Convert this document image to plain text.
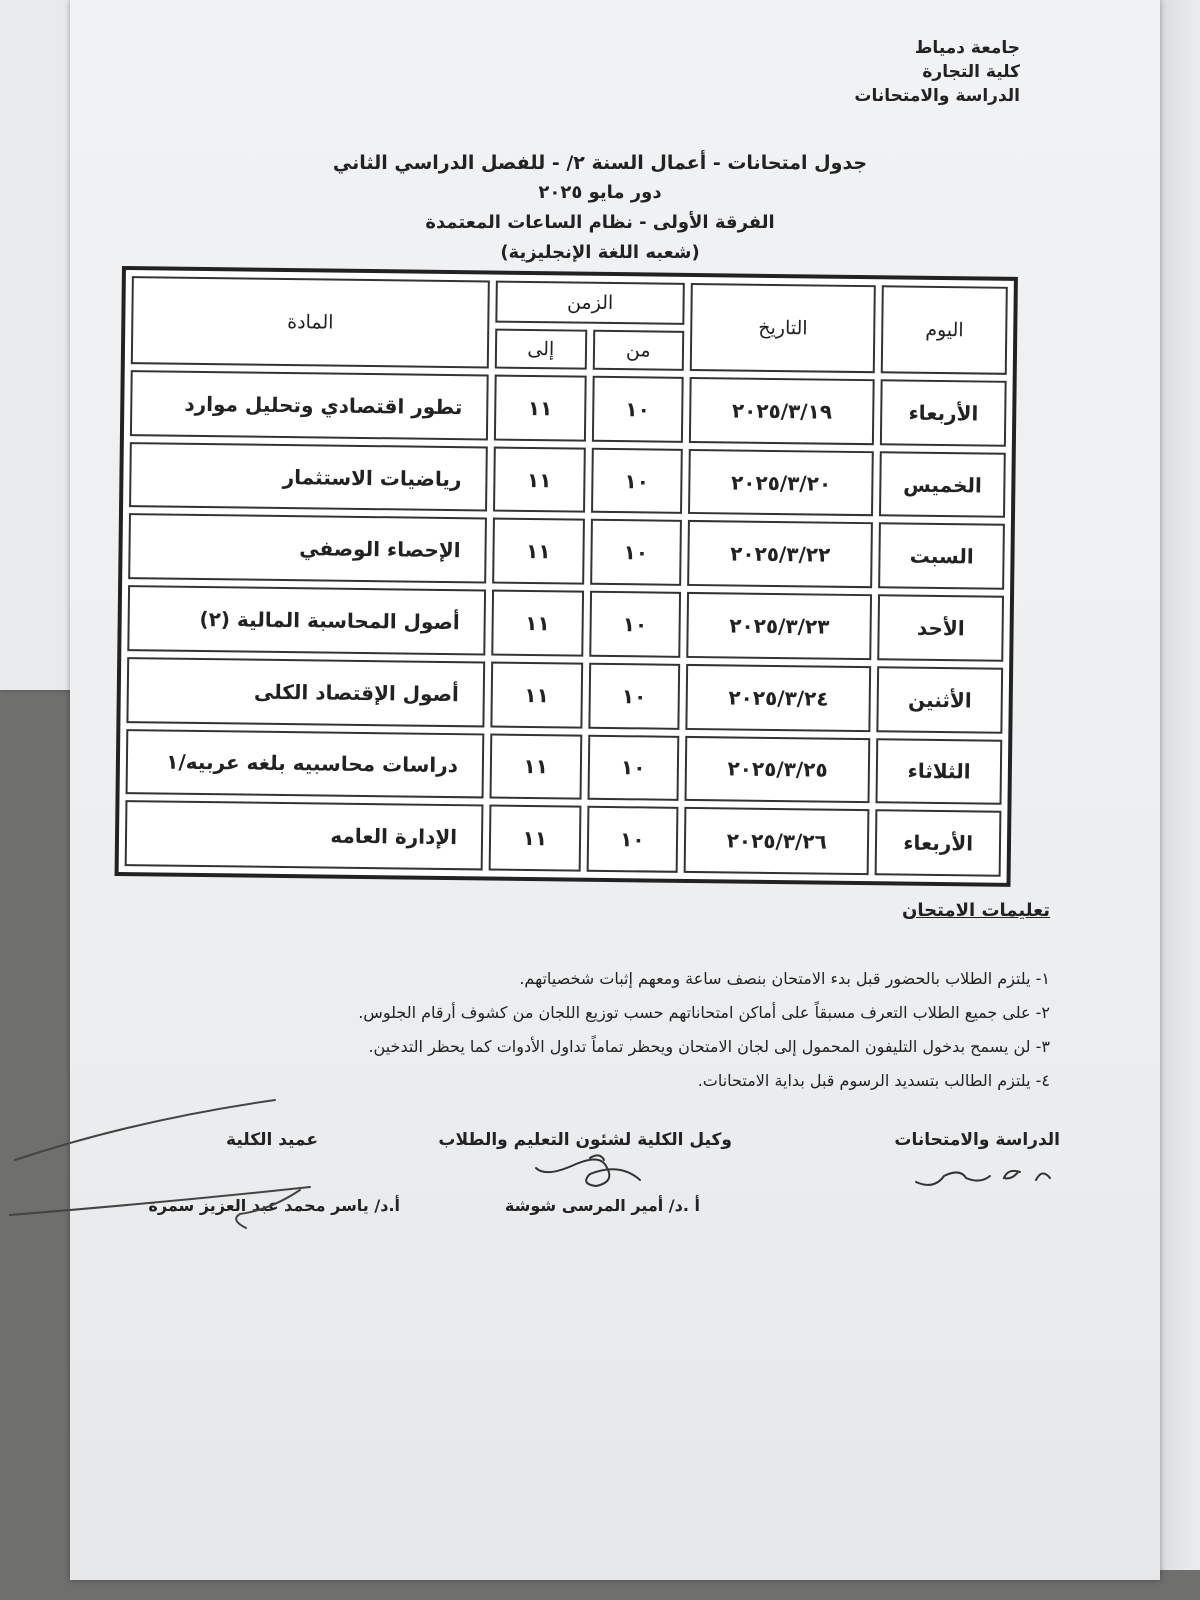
جامعة دمياط
كلية التجارة
الدراسة والامتحانات
جدول امتحانات - أعمال السنة ٢/ - للفصل الدراسي الثاني
دور مايو ٢٠٢٥
الفرقة الأولى - نظام الساعات المعتمدة
(شعبه اللغة الإنجليزية)
اليوم	التاريخ	الزمن		المادة
		من	إلى	
الأربعاء	٢٠٢٥/٣/١٩	١٠	١١	تطور اقتصادي وتحليل موارد
الخميس	٢٠٢٥/٣/٢٠	١٠	١١	رياضيات الاستثمار
السبت	٢٠٢٥/٣/٢٢	١٠	١١	الإحصاء الوصفي
الأحد	٢٠٢٥/٣/٢٣	١٠	١١	أصول المحاسبة المالية (٢)
الأثنين	٢٠٢٥/٣/٢٤	١٠	١١	أصول الإقتصاد الكلى
الثلاثاء	٢٠٢٥/٣/٢٥	١٠	١١	دراسات محاسبيه بلغه عربيه/١
الأربعاء	٢٠٢٥/٣/٢٦	١٠	١١	الإدارة العامه
تعليمات الامتحان
١- يلتزم الطلاب بالحضور قبل بدء الامتحان بنصف ساعة ومعهم إثبات شخصياتهم.
٢- على جميع الطلاب التعرف مسبقاً على أماكن امتحاناتهم حسب توزيع اللجان من كشوف أرقام الجلوس.
٣- لن يسمح بدخول التليفون المحمول إلى لجان الامتحان ويحظر تماماً تداول الأدوات كما يحظر التدخين.
٤- يلتزم الطالب بتسديد الرسوم قبل بداية الامتحانات.
الدراسة والامتحانات
وكيل الكلية لشئون التعليم والطلاب
أ .د/ أمير المرسى شوشة
عميد الكلية
أ.د/ ياسر محمد عبد العزيز سمرة
